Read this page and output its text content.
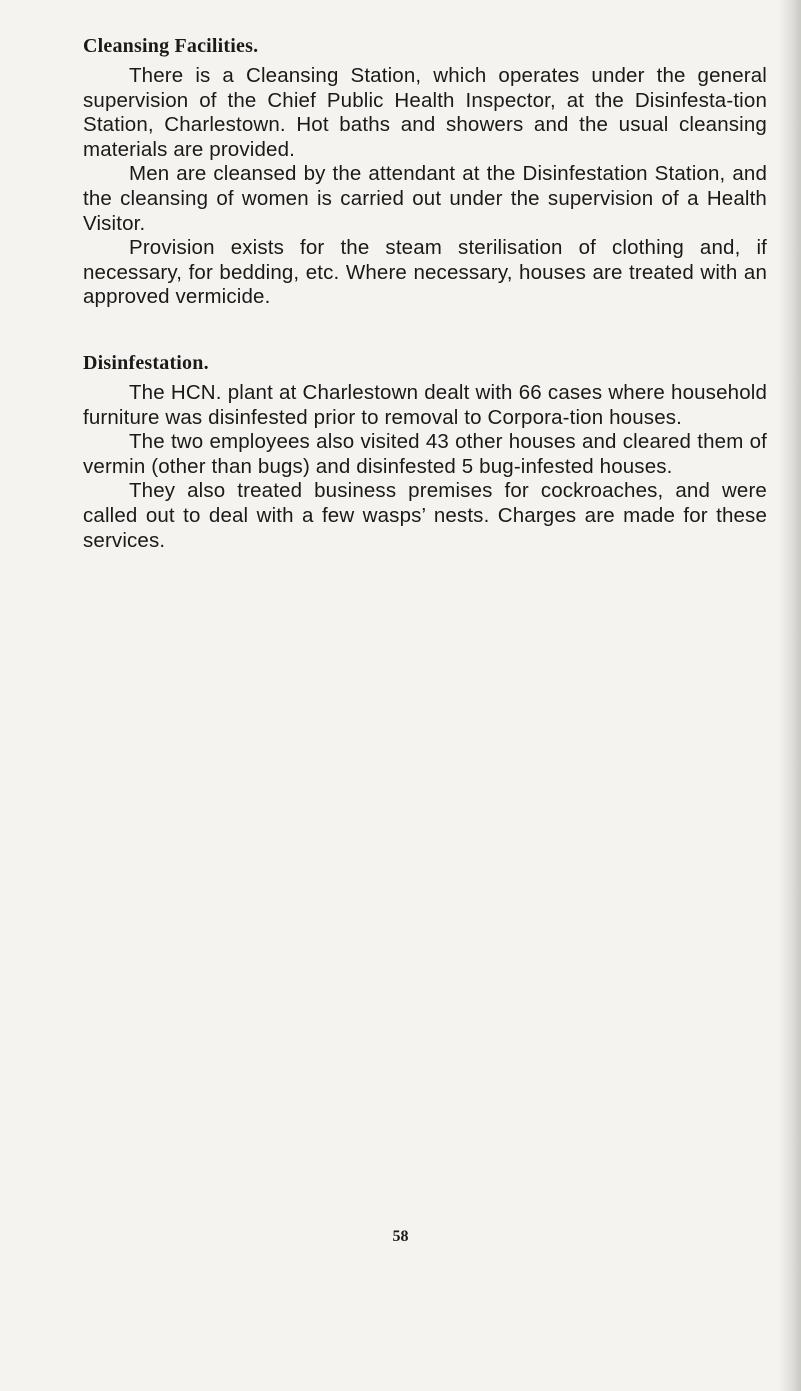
Cleansing Facilities.

There is a Cleansing Station, which operates under the general supervision of the Chief Public Health Inspector, at the Disinfesta-tion Station, Charlestown. Hot baths and showers and the usual cleansing materials are provided.

Men are cleansed by the attendant at the Disinfestation Station, and the cleansing of women is carried out under the supervision of a Health Visitor.

Provision exists for the steam sterilisation of clothing and, if necessary, for bedding, etc. Where necessary, houses are treated with an approved vermicide.

Disinfestation.

The HCN. plant at Charlestown dealt with 66 cases where household furniture was disinfested prior to removal to Corpora-tion houses.

The two employees also visited 43 other houses and cleared them of vermin (other than bugs) and disinfested 5 bug-infested houses.

They also treated business premises for cockroaches, and were called out to deal with a few wasps’ nests. Charges are made for these services.

58
